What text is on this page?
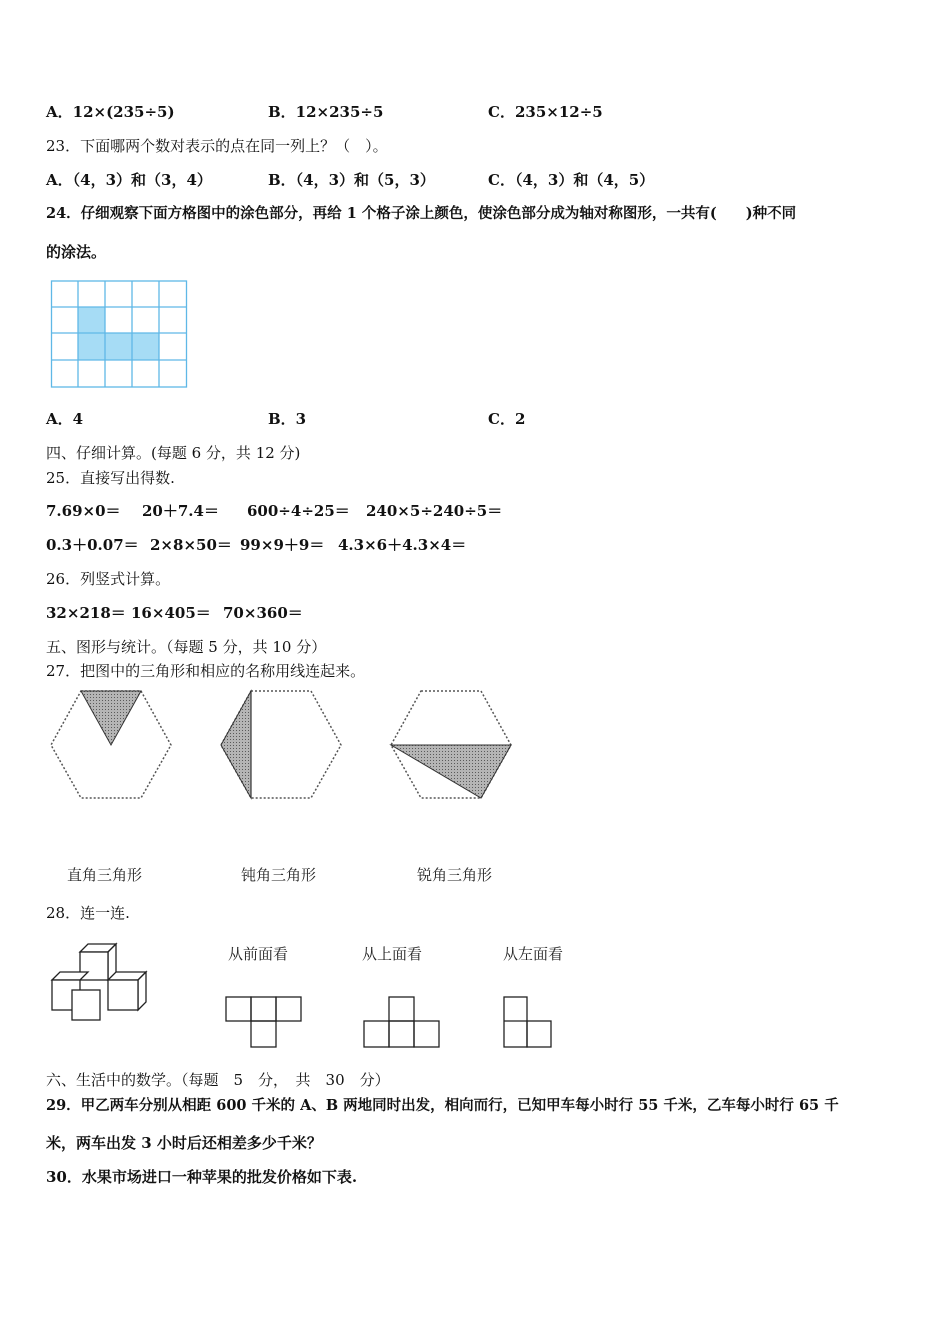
A．12×(235÷5)	B．12×235÷5	C．235×12÷5
23．下面哪两个数对表示的点在同一列上？（　）。
A．（4，3）和（3，4）	B．（4，3）和（5，3）	C．（4，3）和（4，5）
24．仔细观察下面方格图中的涂色部分，再给 1 个格子涂上颜色，使涂色部分成为轴对称图形，一共有(　　)种不同
的涂法。
A．4	B．3	C．2
四、仔细计算。(每题 6 分，共 12 分)
25．直接写出得数.
7.69×0＝ 20＋7.4＝ 600÷4÷25＝ 240×5÷240÷5＝
0.3＋0.07＝ 2×8×50＝ 99×9＋9＝ 4.3×6＋4.3×4＝
26．列竖式计算。
32×218＝ 16×405＝ 70×360＝
五、图形与统计。（每题 5 分，共 10 分）
27．把图中的三角形和相应的名称用线连起来。
直角三角形	钝角三角形	锐角三角形
28．连一连.
从前面看	从上面看	从左面看
六、生活中的数学。（每题　5　分，　共　30　分）
29．甲乙两车分别从相距 600 千米的 A、B 两地同时出发，相向而行，已知甲车每小时行 55 千米，乙车每小时行 65 千
米，两车出发 3 小时后还相差多少千米？
30．水果市场进口一种苹果的批发价格如下表.
